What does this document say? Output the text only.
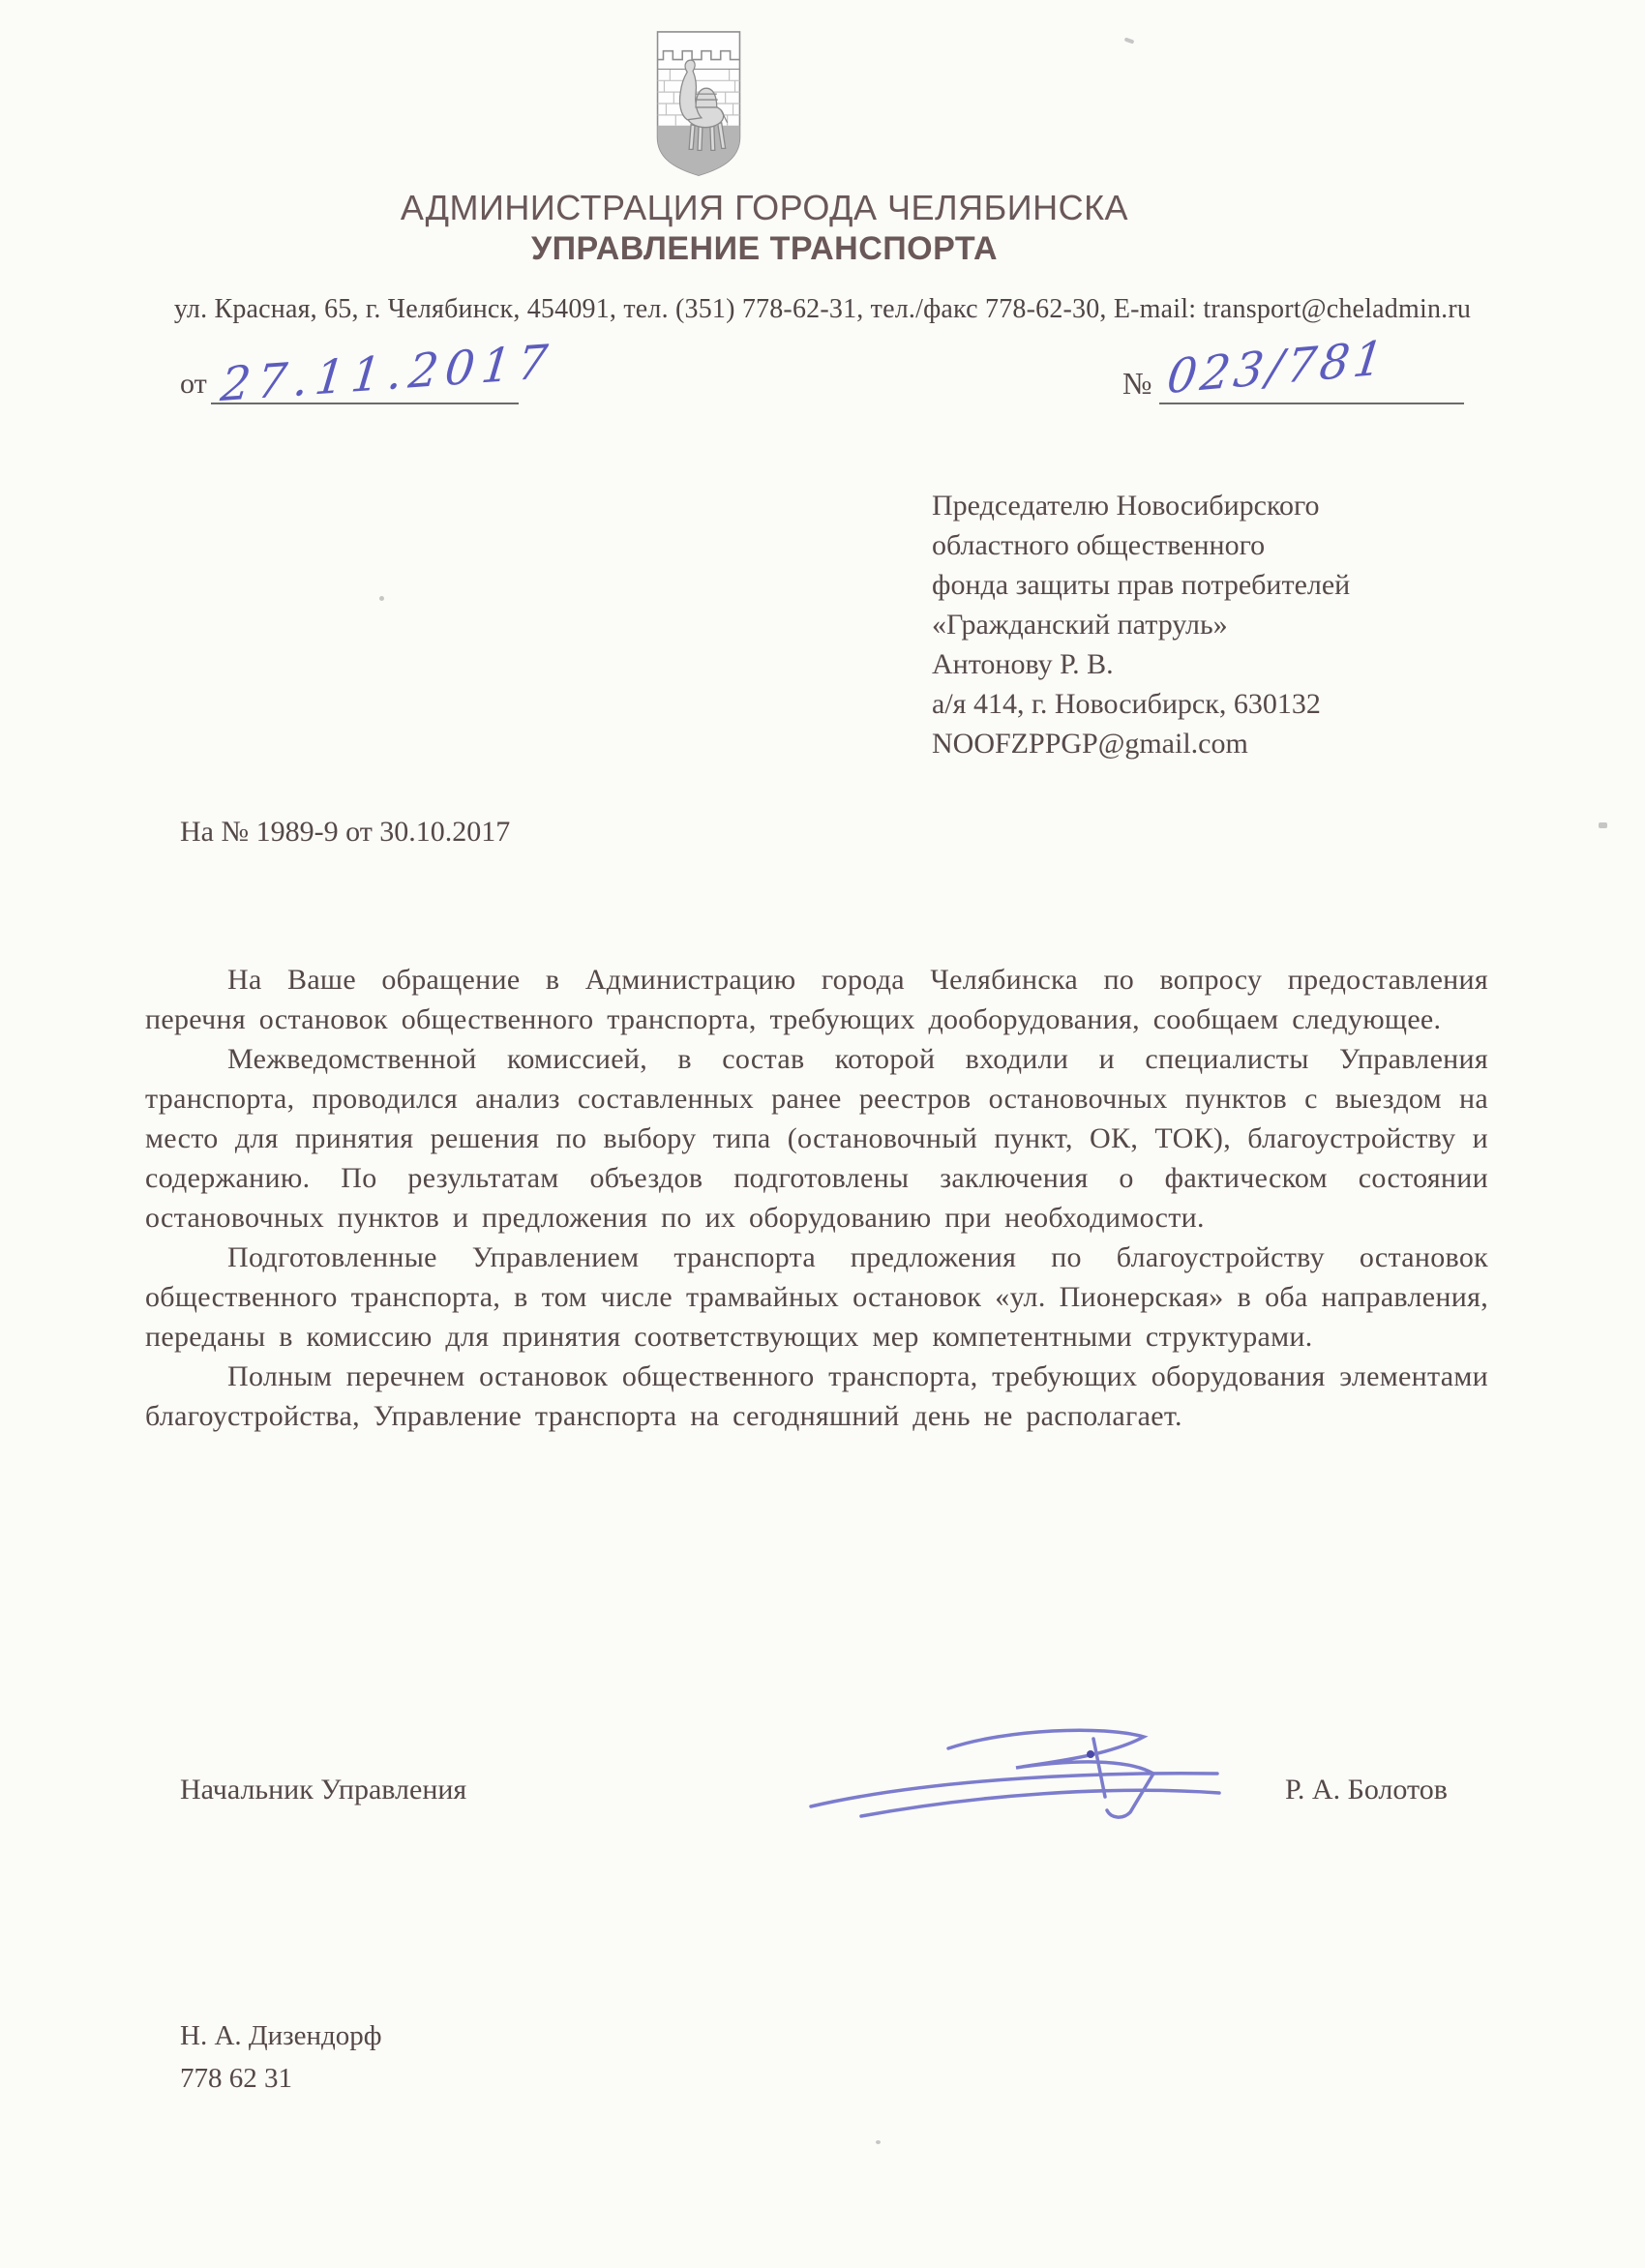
АДМИНИСТРАЦИЯ ГОРОДА ЧЕЛЯБИНСКА
УПРАВЛЕНИЕ ТРАНСПОРТА
ул. Красная, 65, г. Челябинск, 454091, тел. (351) 778-62-31, тел./факс 778-62-30, E-mail: transport@cheladmin.ru
от 27.11.2017	№ 023/781
Председателю Новосибирского
областного общественного
фонда защиты прав потребителей
«Гражданский патруль»
Антонову Р. В.
а/я 414, г. Новосибирск, 630132
NOOFZPPGP@gmail.com
На № 1989-9 от 30.10.2017

На Ваше обращение в Администрацию города Челябинска по вопросу предоставления перечня остановок общественного транспорта, требующих дооборудования, сообщаем следующее.

Межведомственной комиссией, в состав которой входили и специалисты Управления транспорта, проводился анализ составленных ранее реестров остановочных пунктов с выездом на место для принятия решения по выбору типа (остановочный пункт, ОК, ТОК), благоустройству и содержанию. По результатам объездов подготовлены заключения о фактическом состоянии остановочных пунктов и предложения по их оборудованию при необходимости.

Подготовленные Управлением транспорта предложения по благоустройству остановок общественного транспорта, в том числе трамвайных остановок «ул. Пионерская» в оба направления, переданы в комиссию для принятия соответствующих мер компетентными структурами.

Полным перечнем остановок общественного транспорта, требующих оборудования элементами благоустройства, Управление транспорта на сегодняшний день не располагает.

Начальник Управления	Р. А. Болотов
Н. А. Дизендорф
778 62 31
